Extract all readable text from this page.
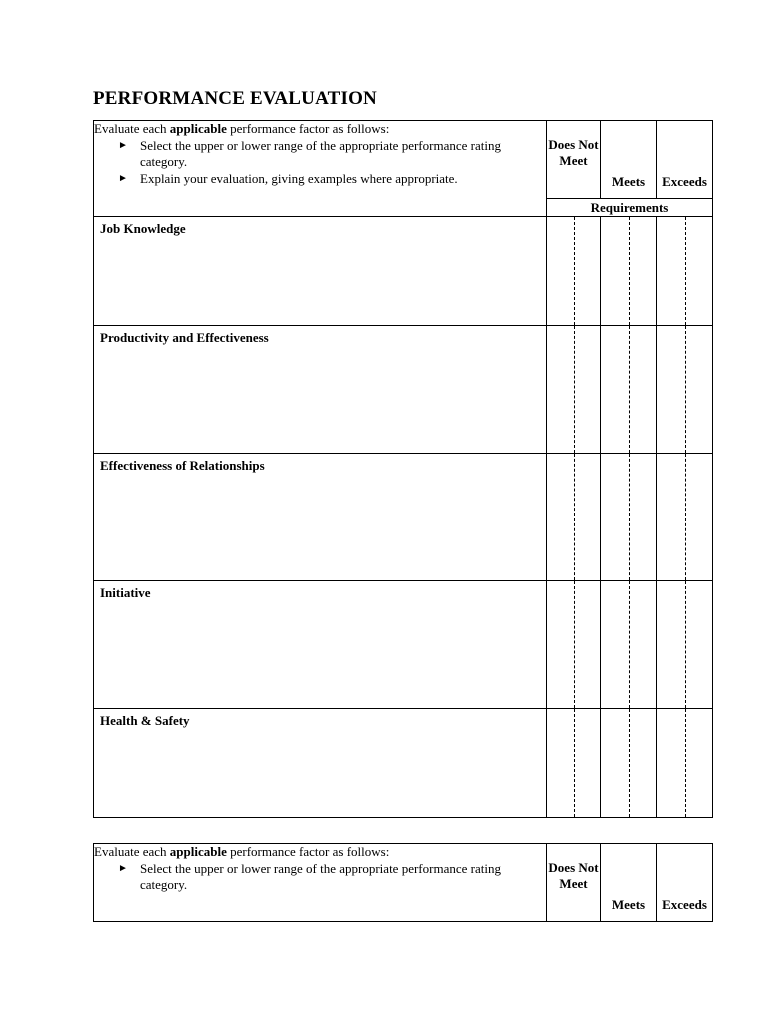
PERFORMANCE EVALUATION
Evaluate each applicable performance factor as follows:
► Select the upper or lower range of the appropriate performance rating category.
► Explain your evaluation, giving examples where appropriate.	Does Not Meet	Meets	Exceeds
	Requirements		
Job Knowledge			
Productivity and Effectiveness			
Effectiveness of Relationships			
Initiative			
Health & Safety			
Evaluate each applicable performance factor as follows:
► Select the upper or lower range of the appropriate performance rating category.
	Does Not Meet	Meets	Exceeds
